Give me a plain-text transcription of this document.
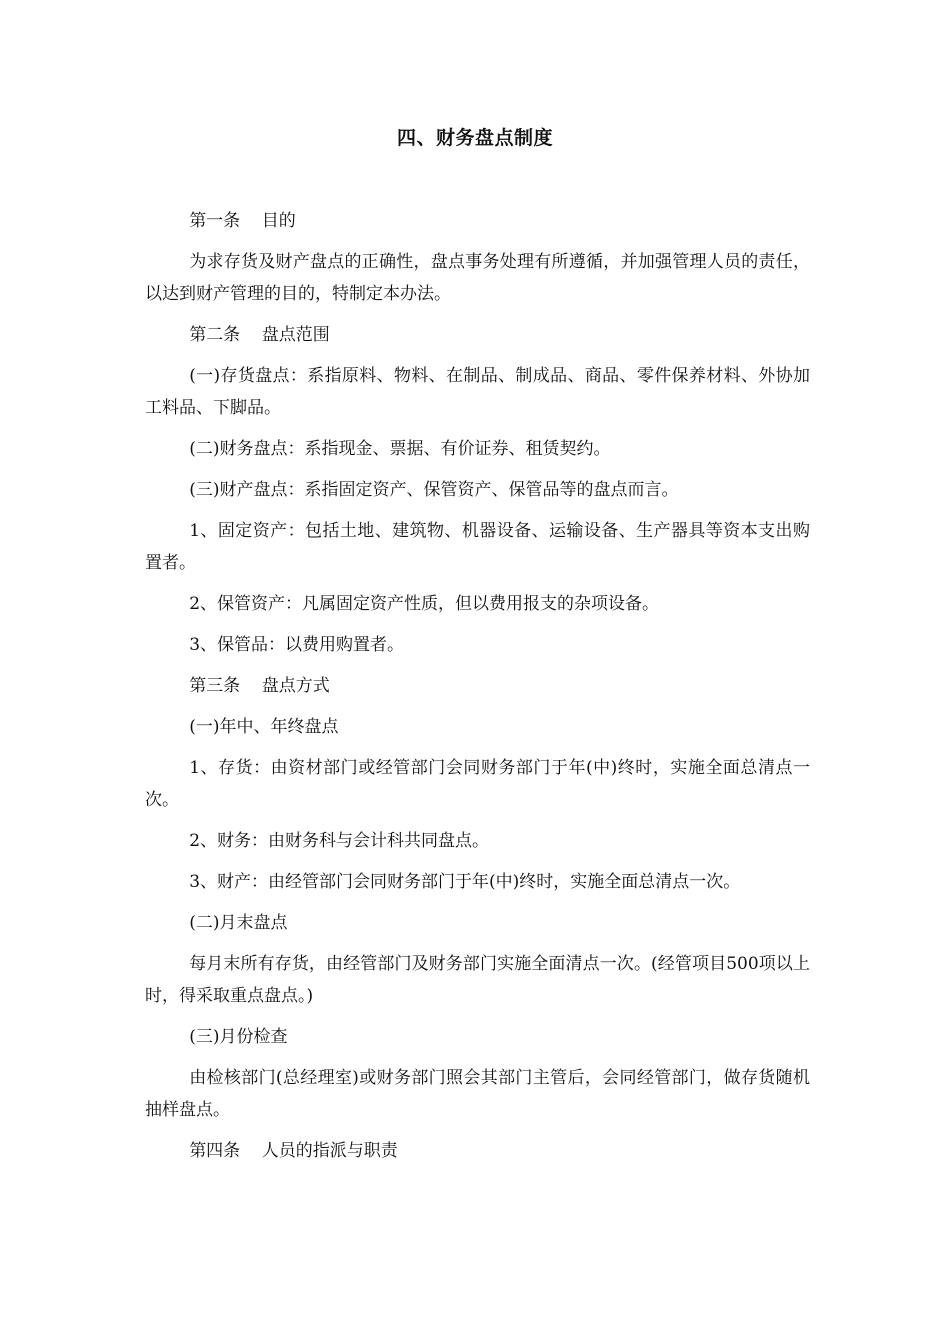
四、财务盘点制度

第一条    目的

为求存货及财产盘点的正确性，盘点事务处理有所遵循，并加强管理人员的责任，以达到财产管理的目的，特制定本办法。

第二条    盘点范围

(一)存货盘点：系指原料、物料、在制品、制成品、商品、零件保养材料、外协加工料品、下脚品。

(二)财务盘点：系指现金、票据、有价证券、租赁契约。

(三)财产盘点：系指固定资产、保管资产、保管品等的盘点而言。

1、固定资产：包括土地、建筑物、机器设备、运输设备、生产器具等资本支出购置者。

2、保管资产：凡属固定资产性质，但以费用报支的杂项设备。

3、保管品：以费用购置者。

第三条    盘点方式

(一)年中、年终盘点

1、存货：由资材部门或经管部门会同财务部门于年(中)终时，实施全面总清点一次。

2、财务：由财务科与会计科共同盘点。

3、财产：由经管部门会同财务部门于年(中)终时，实施全面总清点一次。

(二)月末盘点

每月末所有存货，由经管部门及财务部门实施全面清点一次。(经管项目500项以上时，得采取重点盘点。)

(三)月份检查

由检核部门(总经理室)或财务部门照会其部门主管后，会同经管部门，做存货随机抽样盘点。

第四条    人员的指派与职责
